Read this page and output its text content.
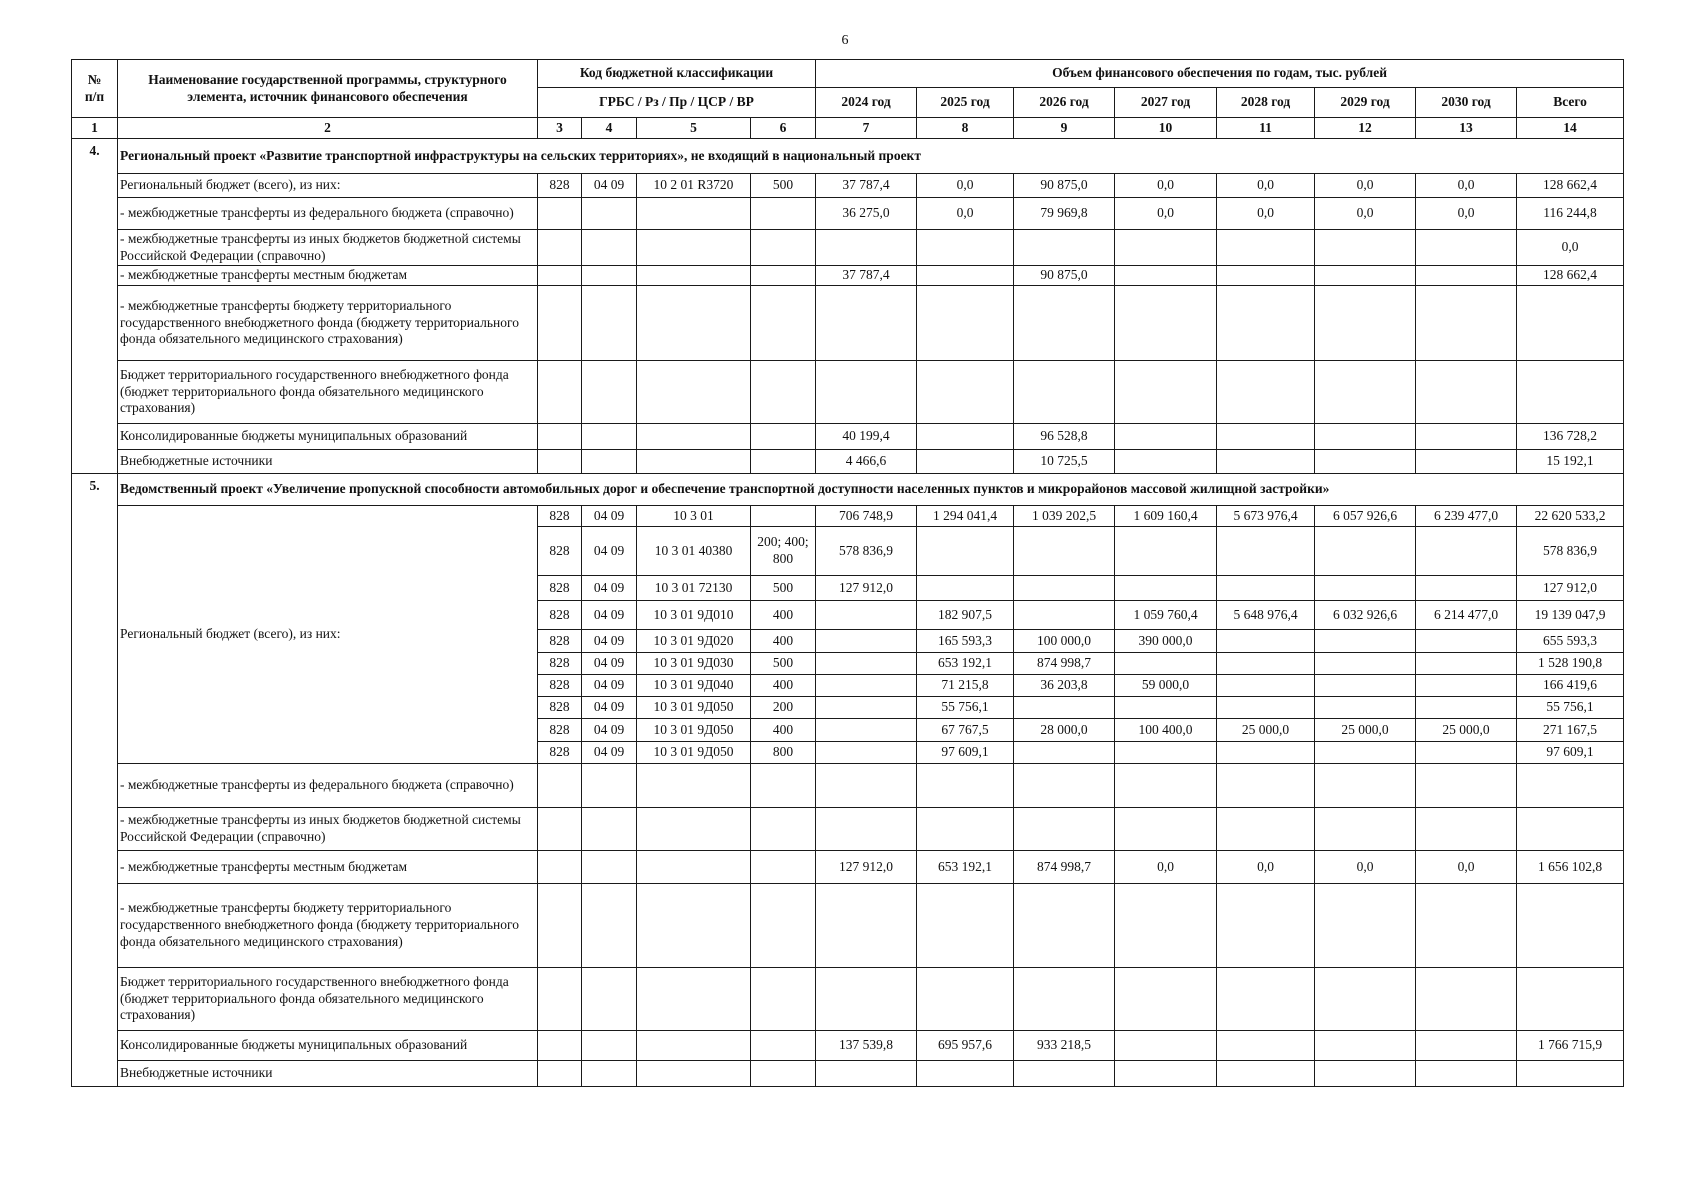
6
№
п/п	Наименование государственной программы, структурного элемента, источник финансового обеспечения	Код бюджетной классификации				Объем финансового обеспечения по годам, тыс. рублей							
		ГРБС / Рз / Пр / ЦСР / ВР				2024 год	2025 год	2026 год	2027 год	2028 год	2029 год	2030 год	Всего
1	2	3	4	5	6	7	8	9	10	11	12	13	14
4.	Региональный проект «Развитие транспортной инфраструктуры на сельских территориях», не входящий в национальный проект												
	Региональный бюджет (всего), из них:	828	04 09	10 2 01 R3720	500	37 787,4	0,0	90 875,0	0,0	0,0	0,0	0,0	128 662,4
	- межбюджетные трансферты из федерального бюджета (справочно)					36 275,0	0,0	79 969,8	0,0	0,0	0,0	0,0	116 244,8
	- межбюджетные трансферты из иных бюджетов бюджетной системы Российской Федерации (справочно)												0,0
	- межбюджетные трансферты местным бюджетам					37 787,4		90 875,0					128 662,4
	- межбюджетные трансферты бюджету территориального государственного внебюджетного фонда (бюджету территориального фонда обязательного медицинского страхования)												
	Бюджет территориального государственного внебюджетного фонда (бюджет территориального фонда обязательного медицинского страхования)												
	Консолидированные бюджеты муниципальных образований					40 199,4		96 528,8					136 728,2
	Внебюджетные источники					4 466,6		10 725,5					15 192,1
5.	Ведомственный проект «Увеличение пропускной способности автомобильных дорог и обеспечение транспортной доступности населенных пунктов и микрорайонов массовой жилищной застройки»												
	Региональный бюджет (всего), из них:	828	04 09	10 3 01		706 748,9	1 294 041,4	1 039 202,5	1 609 160,4	5 673 976,4	6 057 926,6	6 239 477,0	22 620 533,2
		828	04 09	10 3 01 40380	200; 400; 800	578 836,9							578 836,9
		828	04 09	10 3 01 72130	500	127 912,0							127 912,0
		828	04 09	10 3 01 9Д010	400		182 907,5		1 059 760,4	5 648 976,4	6 032 926,6	6 214 477,0	19 139 047,9
		828	04 09	10 3 01 9Д020	400		165 593,3	100 000,0	390 000,0				655 593,3
		828	04 09	10 3 01 9Д030	500		653 192,1	874 998,7					1 528 190,8
		828	04 09	10 3 01 9Д040	400		71 215,8	36 203,8	59 000,0				166 419,6
		828	04 09	10 3 01 9Д050	200		55 756,1						55 756,1
		828	04 09	10 3 01 9Д050	400		67 767,5	28 000,0	100 400,0	25 000,0	25 000,0	25 000,0	271 167,5
		828	04 09	10 3 01 9Д050	800		97 609,1						97 609,1
	- межбюджетные трансферты из федерального бюджета (справочно)												
	- межбюджетные трансферты из иных бюджетов бюджетной системы Российской Федерации (справочно)												
	- межбюджетные трансферты местным бюджетам					127 912,0	653 192,1	874 998,7	0,0	0,0	0,0	0,0	1 656 102,8
	- межбюджетные трансферты бюджету территориального государственного внебюджетного фонда (бюджету территориального фонда обязательного медицинского страхования)												
	Бюджет территориального государственного внебюджетного фонда (бюджет территориального фонда обязательного медицинского страхования)												
	Консолидированные бюджеты муниципальных образований					137 539,8	695 957,6	933 218,5					1 766 715,9
	Внебюджетные источники												
